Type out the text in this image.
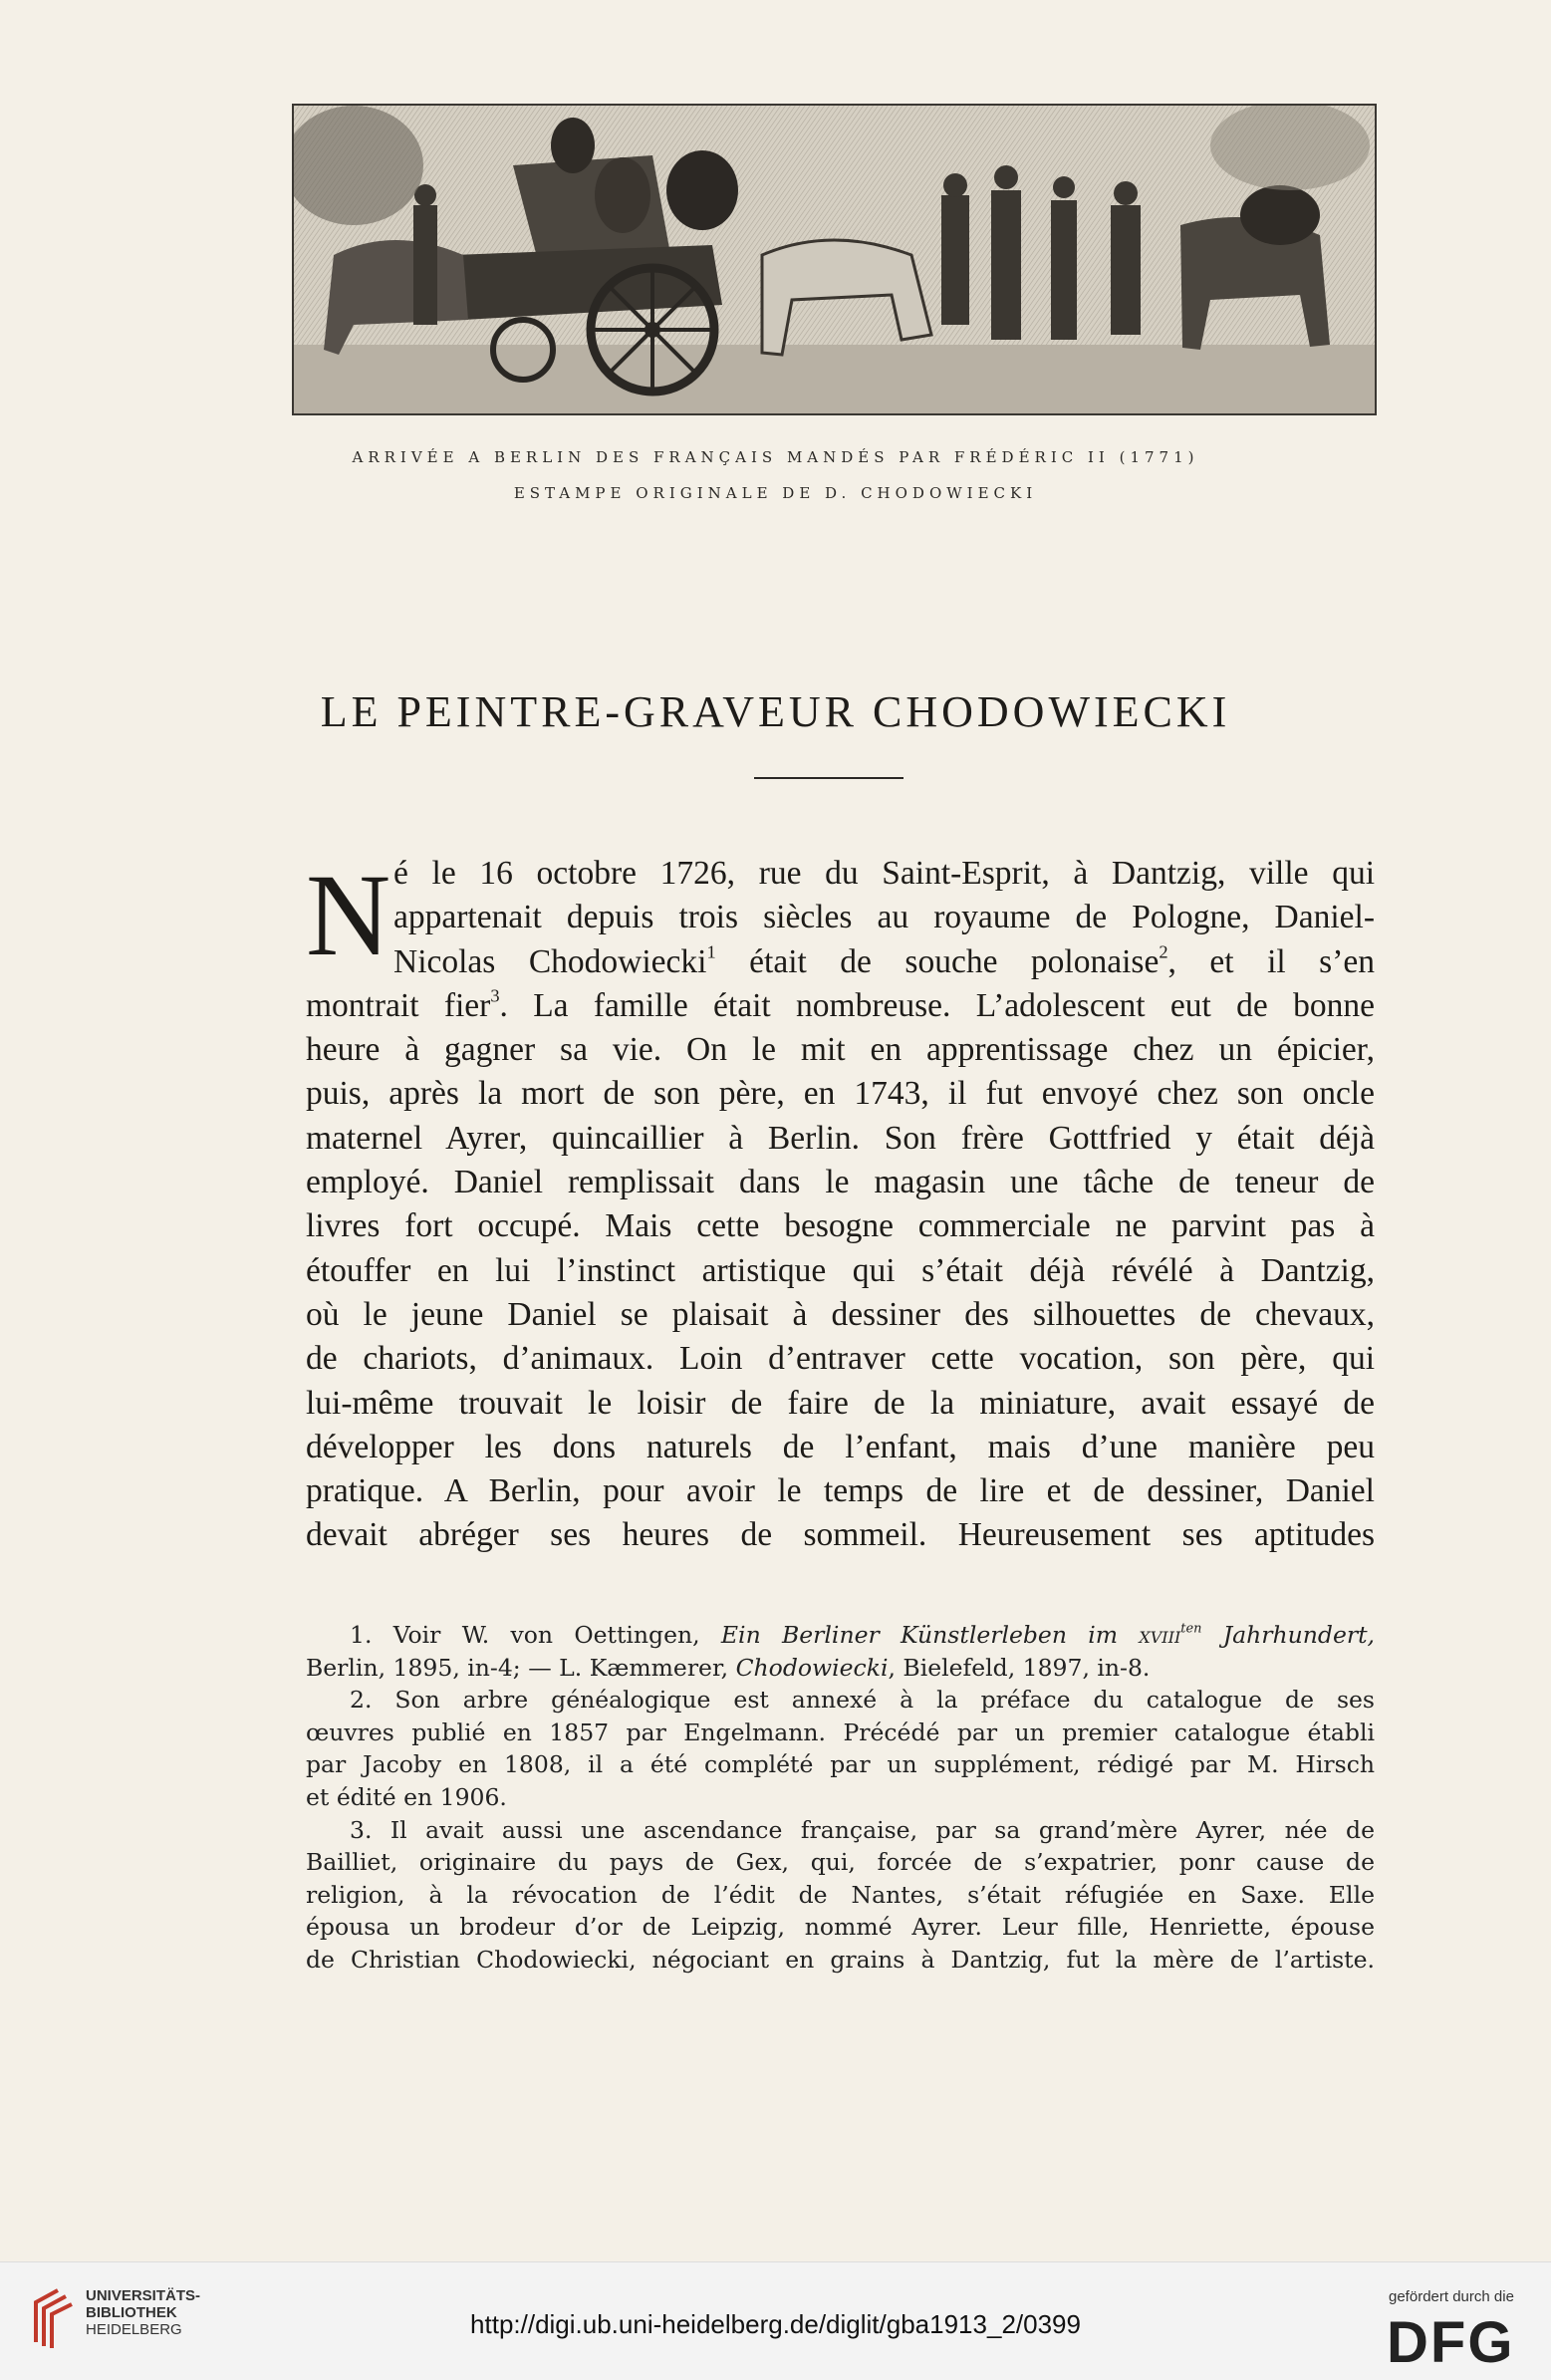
ARRIVÉE A BERLIN DES FRANÇAIS MANDÉS PAR FRÉDÉRIC II (1771)
ESTAMPE ORIGINALE DE D. CHODOWIECKI
LE PEINTRE-GRAVEUR CHODOWIECKI
N é le 16 octobre 1726, rue du Saint-Esprit, à Dantzig, ville qui
appartenait depuis trois siècles au royaume de Pologne, Daniel-
Nicolas Chodowiecki$^1$ était de souche polonaise$^2$, et il s’en
montrait fier$^3$. La famille était nombreuse. L’adolescent eut de bonne
heure à gagner sa vie. On le mit en apprentissage chez un épicier,
puis, après la mort de son père, en 1743, il fut envoyé chez son oncle
maternel Ayrer, quincaillier à Berlin. Son frère Gottfried y était déjà
employé. Daniel remplissait dans le magasin une tâche de teneur de
livres fort occupé. Mais cette besogne commerciale ne parvint pas à
étouffer en lui l’instinct artistique qui s’était déjà révélé à Dantzig,
où le jeune Daniel se plaisait à dessiner des silhouettes de chevaux,
de chariots, d’animaux. Loin d’entraver cette vocation, son père, qui
lui-même trouvait le loisir de faire de la miniature, avait essayé de
développer les dons naturels de l’enfant, mais d’une manière peu
pratique. A Berlin, pour avoir le temps de lire et de dessiner, Daniel
devait abréger ses heures de sommeil. Heureusement ses aptitudes
1. Voir W. von Oettingen, Ein Berliner Künstlerleben im xviii$^{ten}$ Jahrhundert,
Berlin, 1895, in-4; — L. Kæmmerer, Chodowiecki, Bielefeld, 1897, in-8.
2. Son arbre généalogique est annexé à la préface du catalogue de ses
œuvres publié en 1857 par Engelmann. Précédé par un premier catalogue établi
par Jacoby en 1808, il a été complété par un supplément, rédigé par M. Hirsch
et édité en 1906.
3. Il avait aussi une ascendance française, par sa grand’mère Ayrer, née de
Bailliet, originaire du pays de Gex, qui, forcée de s’expatrier, ponr cause de
religion, à la révocation de l’édit de Nantes, s’était réfugiée en Saxe. Elle
épousa un brodeur d’or de Leipzig, nommé Ayrer. Leur fille, Henriette, épouse
de Christian Chodowiecki, négociant en grains à Dantzig, fut la mère de l’artiste.
UNIVERSITÄTS-
BIBLIOTHEK
HEIDELBERG	http://digi.ub.uni-heidelberg.de/diglit/gba1913_2/0399
gefördert durch die
DFG
